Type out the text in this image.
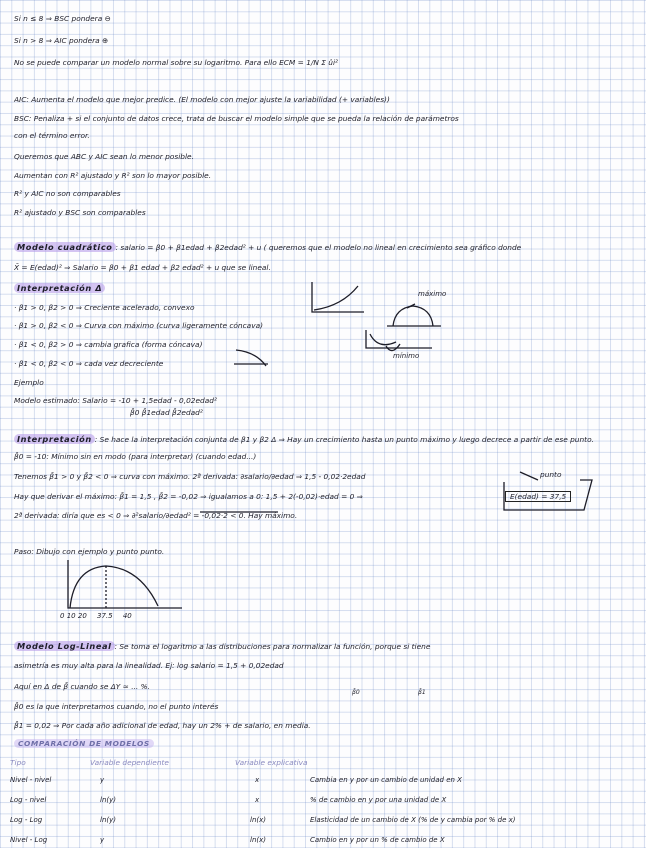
Si n ≤ 8 ⇒ BSC pondera ⊖
Si n > 8 ⇒ AIC pondera ⊕
No se puede comparar un modelo normal sobre su logaritmo. Para ello ECM = 1/N Σ ûi²
AIC: Aumenta el modelo que mejor predice. (El modelo con mejor ajuste la variabilidad (+ variables))
BSC: Penaliza + si el conjunto de datos crece, trata de buscar el modelo simple que se pueda la relación de parámetros
con el término error.
Queremos que ABC y AIC sean lo menor posible.
Aumentan con R² ajustado y R² son lo mayor posible.
R² y AIC no son comparables
R² ajustado y BSC son comparables
Modelo cuadrático : salario = β0 + β1edad + β2edad² + u ( queremos que el modelo no lineal en crecimiento sea gráfico donde
X̄ = E(edad)² ⇒ Salario = β0 + β1 edad + β2 edad² + u que se lineal.
Interpretación Δ
· β1 > 0, β2 > 0 ⇒ Creciente acelerado, convexo
· β1 > 0, β2 < 0 ⇒ Curva con máximo (curva ligeramente cóncava)
· β1 < 0, β2 > 0 ⇒ cambia grafica (forma cóncava)
· β1 < 0, β2 < 0 ⇒ cada vez decreciente
Ejemplo
Modelo estimado: Salario = -10 + 1,5edad - 0,02edad²
β̂0 β̂1edad β̂2edad²
Interpretación : Se hace la interpretación conjunta de β1 y β2 Δ ⇒ Hay un crecimiento hasta un punto máximo y luego decrece a partir de ese punto.
β̂0 = -10: Mínimo sin en modo (para interpretar) (cuando edad...)
Tenemos β̂1 > 0 y β̂2 < 0 ⇒ curva con máximo. 2ª derivada: ∂salario/∂edad ⇒ 1,5 - 0,02·2edad
Hay que derivar el máximo: β̂1 = 1,5 , β̂2 = -0,02 ⇒ igualamos a 0: 1,5 + 2(-0,02)·edad = 0 ⇒	E(edad) = 37,5
punto
2ª derivada: diría que es < 0 ⇒ ∂²salario/∂edad² = -0,02·2 < 0. Hay máximo.
Paso: Dibujo con ejemplo y punto punto.
Modelo Log-Lineal : Se toma el logaritmo a las distribuciones para normalizar la función, porque si tiene
asimetría es muy alta para la linealidad. Ej: log salario = 1,5 + 0,02edad
Aquí en Δ de β̂ cuando se ΔY ≈ ... %.
β̂0	β̂1
β̂0 es la que interpretamos cuando, no el punto interés
β̂1 = 0,02 ⇒ Por cada año adicional de edad, hay un 2% + de salario, en media.
COMPARACIÓN DE MODELOS
Tipo	Variable dependiente	Variable explicativa
Nivel - nivel	y	x	Cambia en y por un cambio de unidad en X
Log - nivel	ln(y)	x	% de cambio en y por una unidad de X
Log - Log	ln(y)	ln(x)	Elasticidad de un cambio de X (% de y cambia por % de x)
Nivel - Log	y	ln(x)	Cambio en y por un % de cambio de X
máximo
mínimo
0 10 20 37.5 40
